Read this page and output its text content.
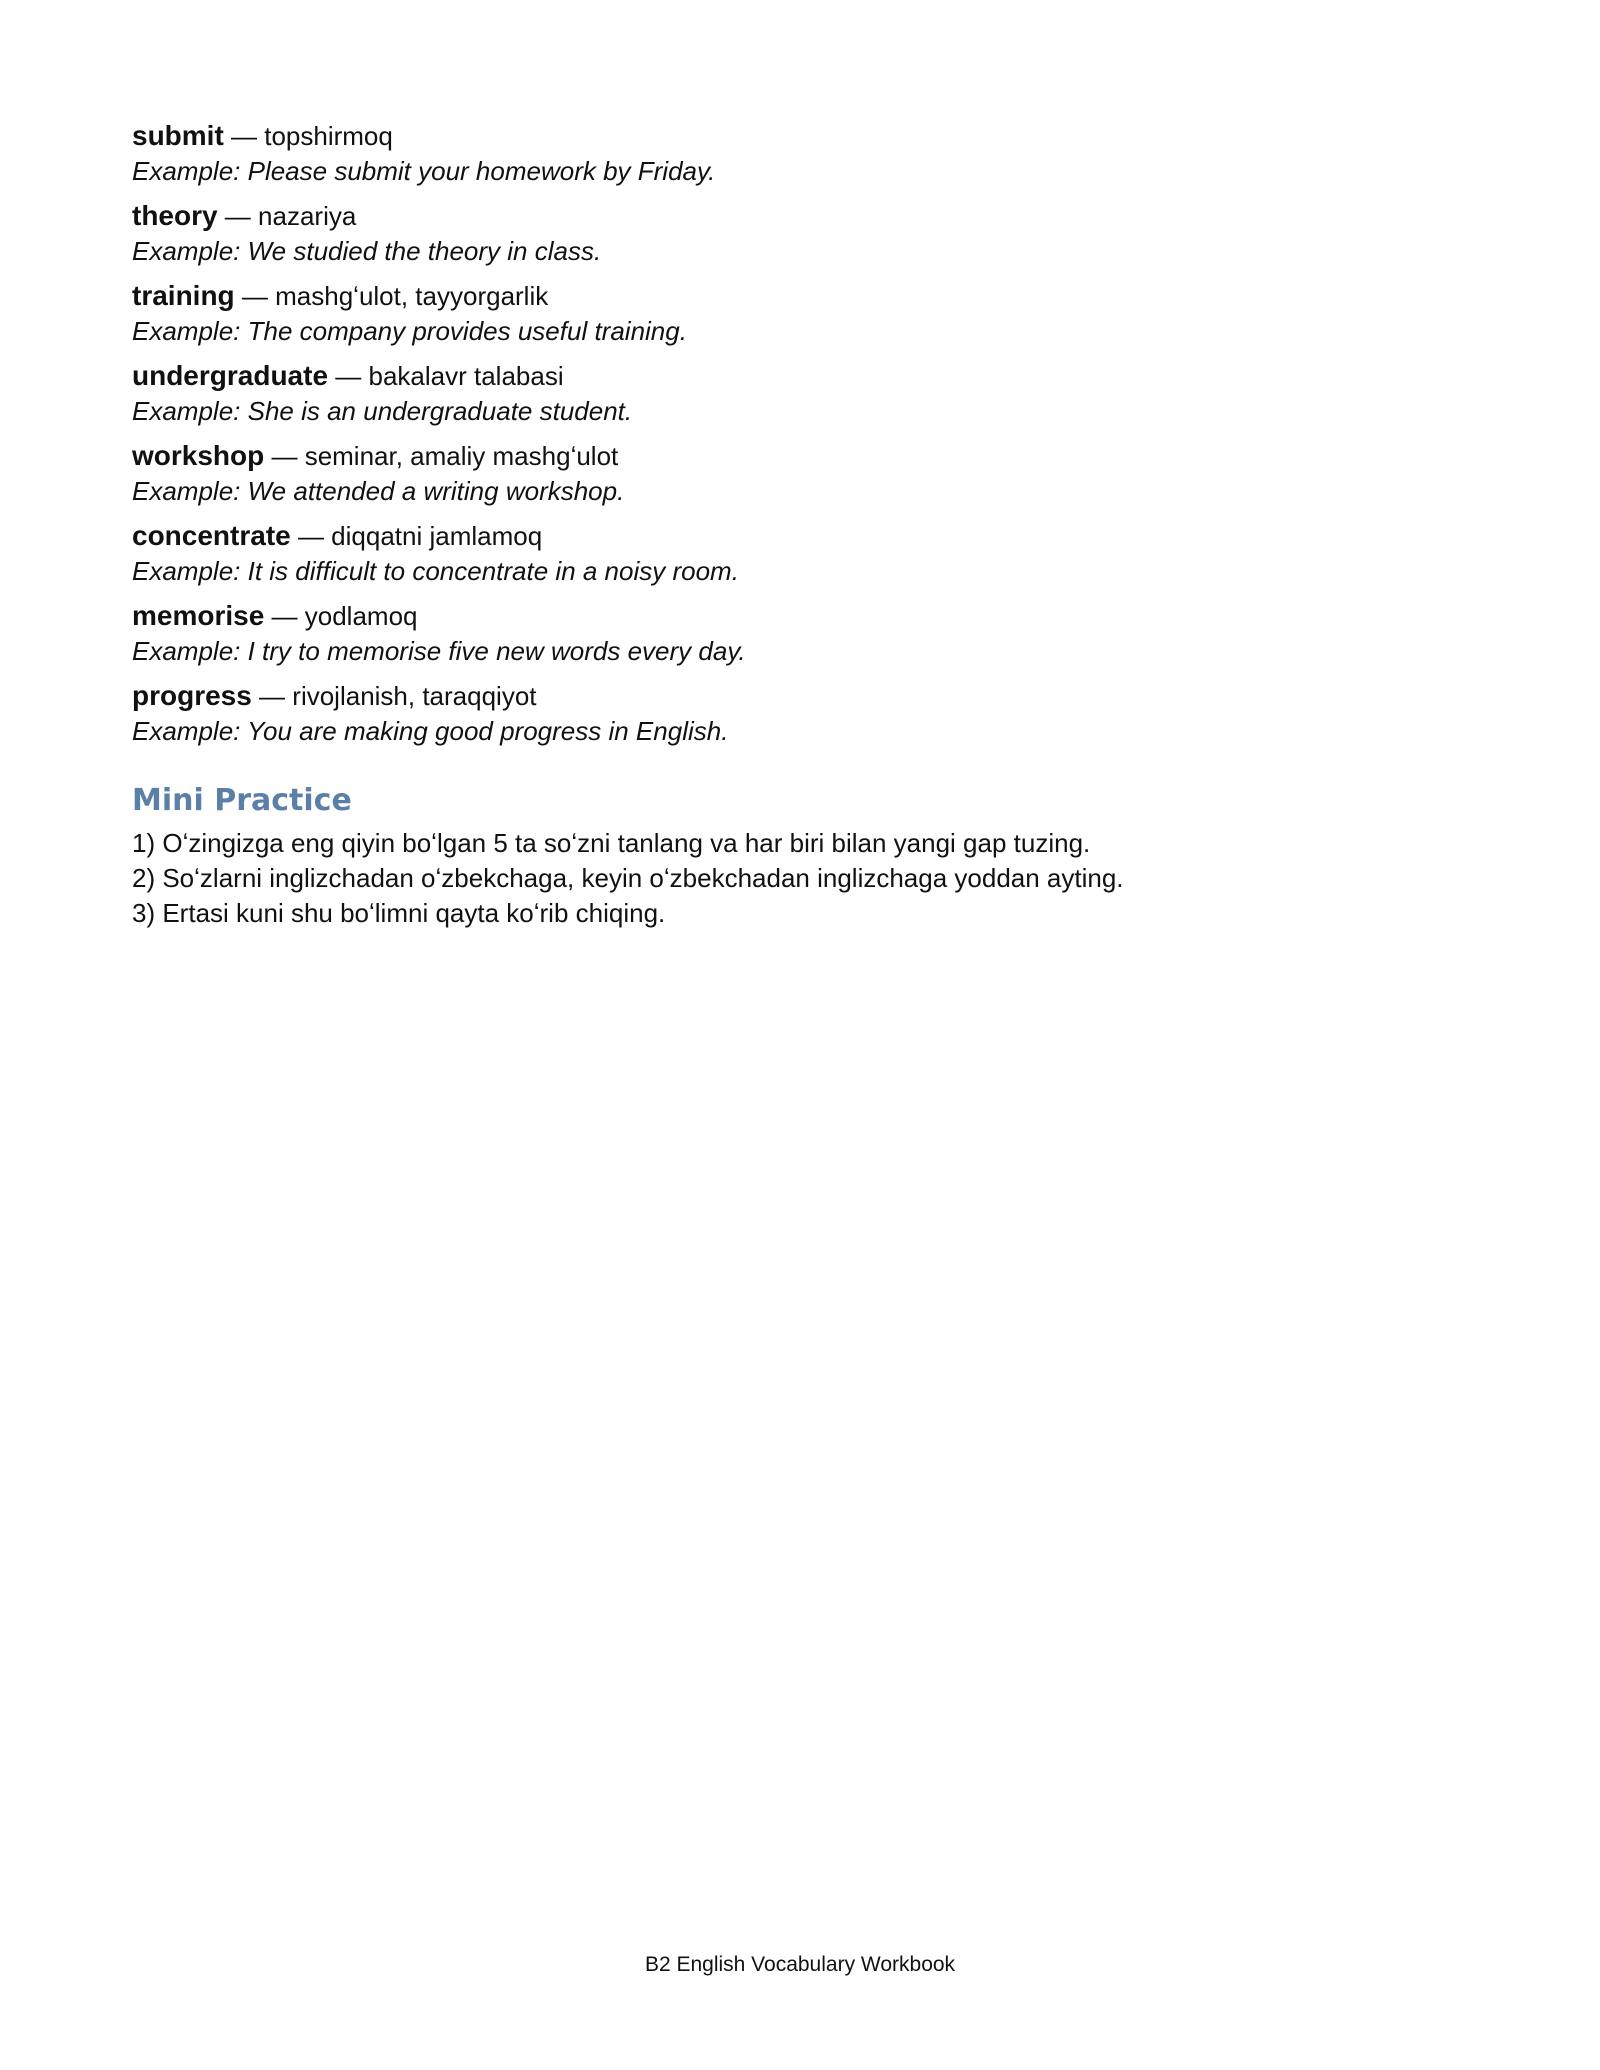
submit — topshirmoq
Example: Please submit your homework by Friday.
theory — nazariya
Example: We studied the theory in class.
training — mashgʻulot, tayyorgarlik
Example: The company provides useful training.
undergraduate — bakalavr talabasi
Example: She is an undergraduate student.
workshop — seminar, amaliy mashgʻulot
Example: We attended a writing workshop.
concentrate — diqqatni jamlamoq
Example: It is difficult to concentrate in a noisy room.
memorise — yodlamoq
Example: I try to memorise five new words every day.
progress — rivojlanish, taraqqiyot
Example: You are making good progress in English.
Mini Practice
1) Oʻzingizga eng qiyin boʻlgan 5 ta soʻzni tanlang va har biri bilan yangi gap tuzing.
2) Soʻzlarni inglizchadan oʻzbekchaga, keyin oʻzbekchadan inglizchaga yoddan ayting.
3) Ertasi kuni shu boʻlimni qayta koʻrib chiqing.
B2 English Vocabulary Workbook
